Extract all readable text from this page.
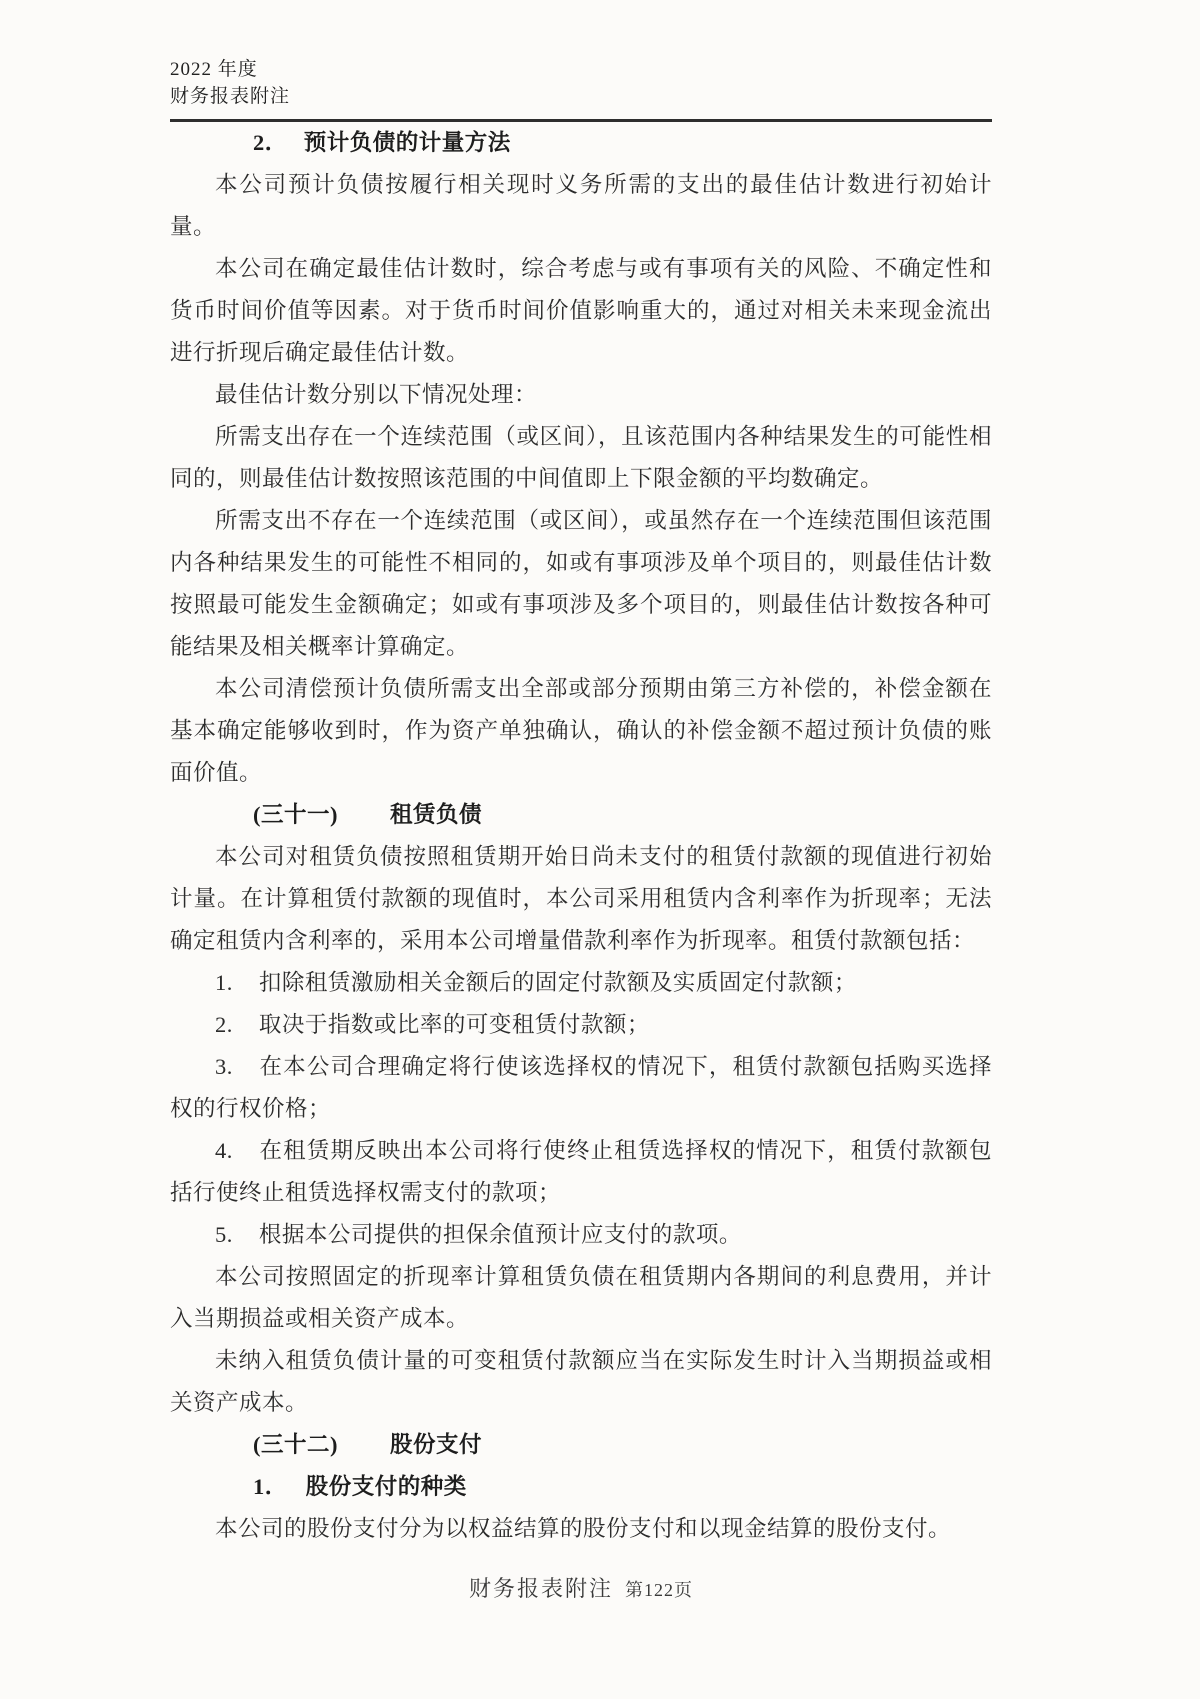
2022 年度
财务报表附注

2． 预计负债的计量方法

本公司预计负债按履行相关现时义务所需的支出的最佳估计数进行初始计量。

本公司在确定最佳估计数时，综合考虑与或有事项有关的风险、不确定性和货币时间价值等因素。对于货币时间价值影响重大的，通过对相关未来现金流出进行折现后确定最佳估计数。

最佳估计数分别以下情况处理：

所需支出存在一个连续范围（或区间），且该范围内各种结果发生的可能性相同的，则最佳估计数按照该范围的中间值即上下限金额的平均数确定。

所需支出不存在一个连续范围（或区间），或虽然存在一个连续范围但该范围内各种结果发生的可能性不相同的，如或有事项涉及单个项目的，则最佳估计数按照最可能发生金额确定；如或有事项涉及多个项目的，则最佳估计数按各种可能结果及相关概率计算确定。

本公司清偿预计负债所需支出全部或部分预期由第三方补偿的，补偿金额在基本确定能够收到时，作为资产单独确认，确认的补偿金额不超过预计负债的账面价值。

(三十一) 租赁负债

本公司对租赁负债按照租赁期开始日尚未支付的租赁付款额的现值进行初始计量。在计算租赁付款额的现值时，本公司采用租赁内含利率作为折现率；无法确定租赁内含利率的，采用本公司增量借款利率作为折现率。租赁付款额包括：

1. 扣除租赁激励相关金额后的固定付款额及实质固定付款额；

2. 取决于指数或比率的可变租赁付款额；

3. 在本公司合理确定将行使该选择权的情况下，租赁付款额包括购买选择权的行权价格；

4. 在租赁期反映出本公司将行使终止租赁选择权的情况下，租赁付款额包括行使终止租赁选择权需支付的款项；

5. 根据本公司提供的担保余值预计应支付的款项。

本公司按照固定的折现率计算租赁负债在租赁期内各期间的利息费用，并计入当期损益或相关资产成本。

未纳入租赁负债计量的可变租赁付款额应当在实际发生时计入当期损益或相关资产成本。

(三十二) 股份支付

1． 股份支付的种类

本公司的股份支付分为以权益结算的股份支付和以现金结算的股份支付。

财务报表附注 第122页
